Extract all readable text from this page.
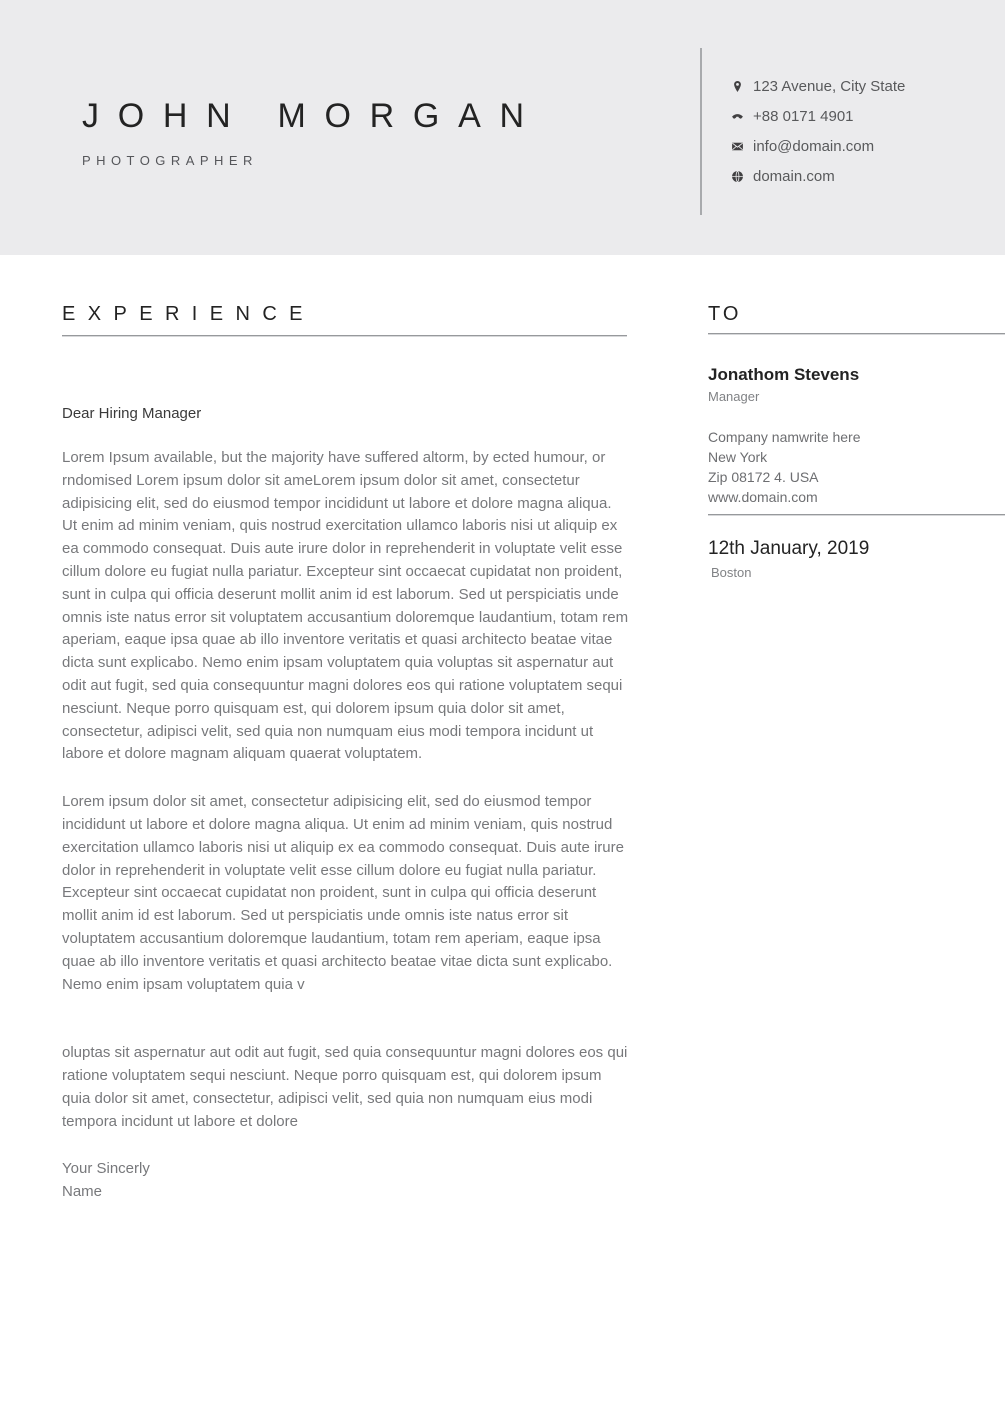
JOHN MORGAN
PHOTOGRAPHER
123 Avenue, City State
+88 0171 4901
info@domain.com
domain.com
EXPERIENCE
Dear Hiring Manager

Lorem Ipsum available, but the majority have suffered altorm, by ected humour, or rndomised Lorem ipsum dolor sit ameLorem ipsum dolor sit amet, consectetur adipisicing elit, sed do eiusmod tempor incididunt ut labore et dolore magna aliqua. Ut enim ad minim veniam, quis nostrud exercitation ullamco laboris nisi ut aliquip ex ea commodo consequat. Duis aute irure dolor in reprehenderit in voluptate velit esse cillum dolore eu fugiat nulla pariatur. Excepteur sint occaecat cupidatat non proident, sunt in culpa qui officia deserunt mollit anim id est laborum. Sed ut perspiciatis unde omnis iste natus error sit voluptatem accusantium doloremque laudantium, totam rem aperiam, eaque ipsa quae ab illo inventore veritatis et quasi architecto beatae vitae dicta sunt explicabo. Nemo enim ipsam voluptatem quia voluptas sit aspernatur aut odit aut fugit, sed quia consequuntur magni dolores eos qui ratione voluptatem sequi nesciunt. Neque porro quisquam est, qui dolorem ipsum quia dolor sit amet, consectetur, adipisci velit, sed quia non numquam eius modi tempora incidunt ut labore et dolore magnam aliquam quaerat voluptatem.

Lorem ipsum dolor sit amet, consectetur adipisicing elit, sed do eiusmod tempor incididunt ut labore et dolore magna aliqua. Ut enim ad minim veniam, quis nostrud exercitation ullamco laboris nisi ut aliquip ex ea commodo consequat. Duis aute irure dolor in reprehenderit in voluptate velit esse cillum dolore eu fugiat nulla pariatur. Excepteur sint occaecat cupidatat non proident, sunt in culpa qui officia deserunt mollit anim id est laborum. Sed ut perspiciatis unde omnis iste natus error sit voluptatem accusantium doloremque laudantium, totam rem aperiam, eaque ipsa quae ab illo inventore veritatis et quasi architecto beatae vitae dicta sunt explicabo. Nemo enim ipsam voluptatem quia v

oluptas sit aspernatur aut odit aut fugit, sed quia consequuntur magni dolores eos qui ratione voluptatem sequi nesciunt. Neque porro quisquam est, qui dolorem ipsum quia dolor sit amet, consectetur, adipisci velit, sed quia non numquam eius modi tempora incidunt ut labore et dolore

Your Sincerly
Name
TO
Jonathom Stevens
Manager
Company namwrite here
New York
Zip 08172 4. USA
www.domain.com
12th January, 2019
Boston
